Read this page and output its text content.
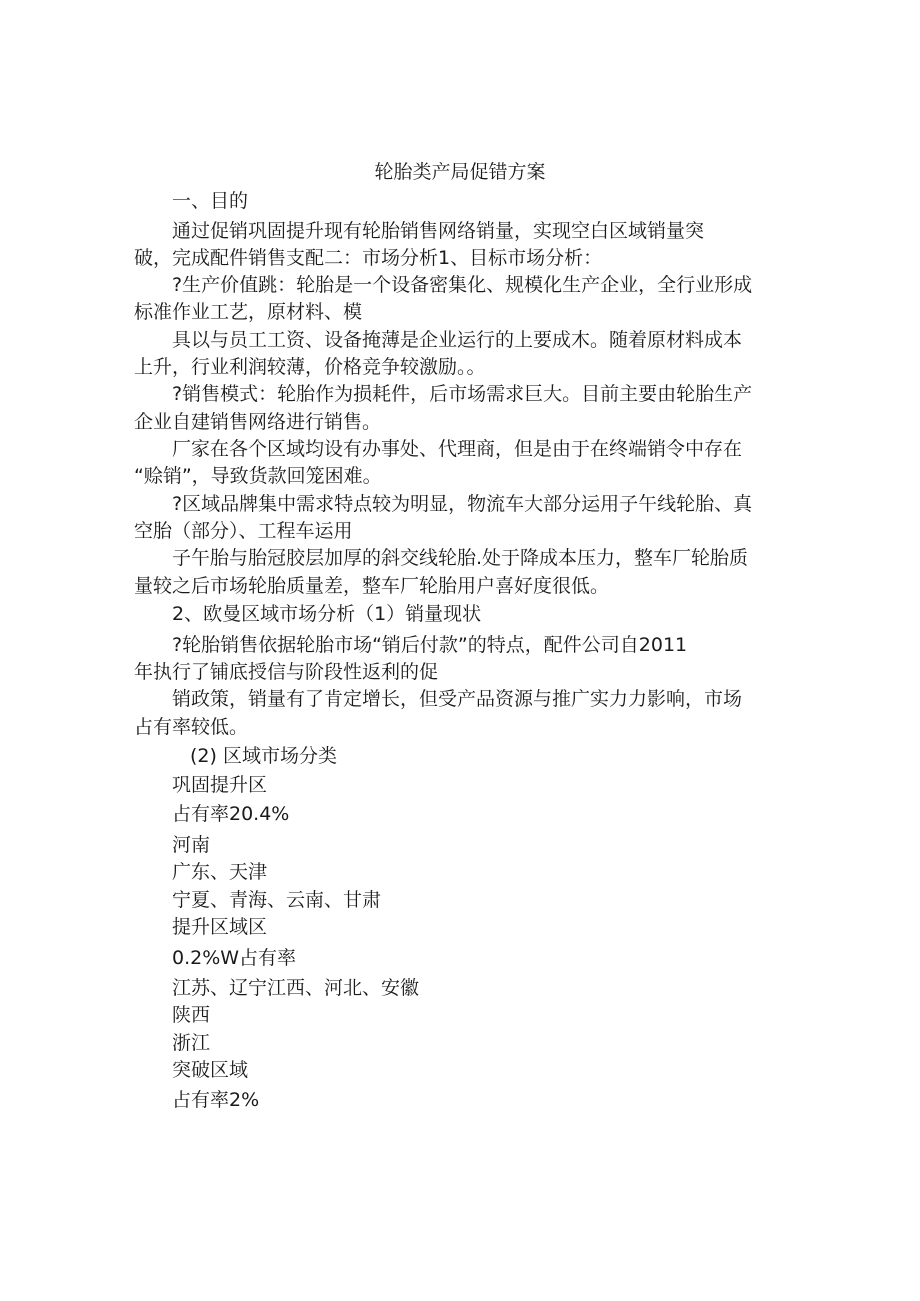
轮胎类产局促错方案
一、目的
通过促销巩固提升现有轮胎销售网络销量，实现空白区域销量突
破，完成配件销售支配二：市场分析1、目标市场分析：
?生产价值跳：轮胎是一个设备密集化、规模化生产企业，全行业形成
标准作业工艺，原材料、模
具以与员工工资、设备掩薄是企业运行的上要成木。随着原材料成本
上升，行业利润较薄，价格竞争较激励。。
?销售模式：轮胎作为损耗件，后市场需求巨大。目前主要由轮胎生产
企业自建销售网络进行销售。
厂家在各个区域均设有办事处、代理商，但是由于在终端销令中存在
“赊销”，导致货款回笼困难。
?区域品牌集中需求特点较为明显，物流车大部分运用子午线轮胎、真
空胎（部分）、工程车运用
子午胎与胎冠胶层加厚的斜交线轮胎.处于降成本压力，整车厂轮胎质
量较之后市场轮胎质量差，整车厂轮胎用户喜好度很低。
2、欧曼区域市场分析（1）销量现状
?轮胎销售依据轮胎市场“销后付款”的特点，配件公司自2011
年执行了铺底授信与阶段性返利的促
销政策，销量有了肯定增长，但受产品资源与推广实力力影响，市场
占有率较低。
(2) 区域市场分类
巩固提升区
占有率20.4%
河南
广东、天津
宁夏、青海、云南、甘肃
提升区域区
0.2%W占有率
江苏、辽宁江西、河北、安徽
陕西
浙江
突破区域
占有率2%
